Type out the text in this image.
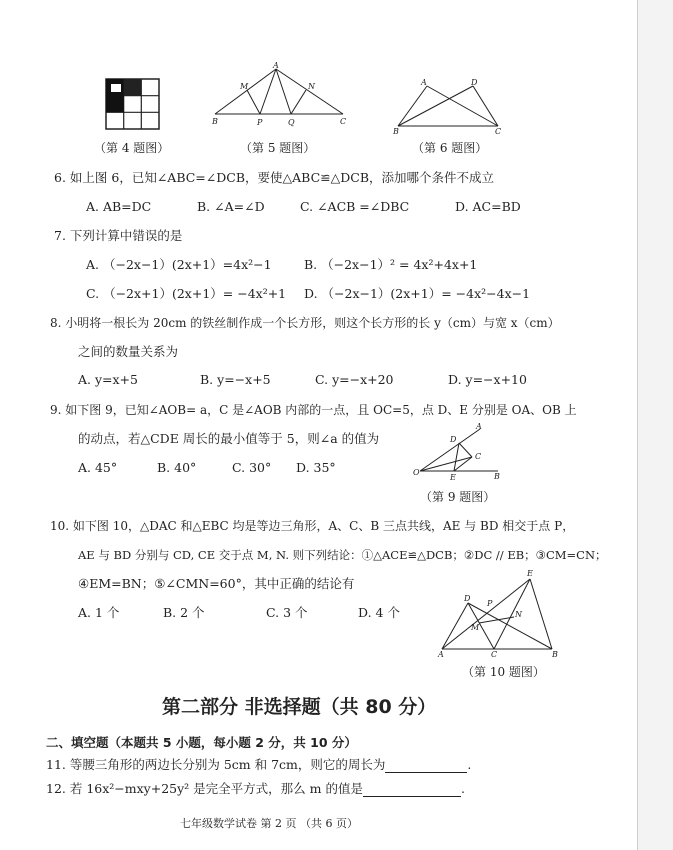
（第 4 题图）
A
M	N
B	P	Q	C
（第 5 题图）
A	D
B	C
（第 6 题图）
6. 如上图 6，已知∠ABC=∠DCB，要使△ABC≌△DCB，添加哪个条件不成立
A. AB=DC	B. ∠A=∠D	C. ∠ACB =∠DBC	D. AC=BD
7. 下列计算中错误的是
A. （−2x−1）(2x+1）=4x²−1	B. （−2x−1）² = 4x²+4x+1
C. （−2x+1）(2x+1）= −4x²+1 D. （−2x−1）(2x+1）= −4x²−4x−1
8. 小明将一根长为 20cm 的铁丝制作成一个长方形，则这个长方形的长 y（cm）与宽 x（cm）
之间的数量关系为
A. y=x+5	B. y=−x+5	C. y=−x+20	D. y=−x+10
9. 如下图 9，已知∠AOB= a，C 是∠AOB 内部的一点，且 OC=5，点 D、E 分别是 OA、OB 上
的动点，若△CDE 周长的最小值等于 5，则∠a 的值为
A. 45°	B. 40°	C. 30° D. 35°
A
D
C
O
E	B
（第 9 题图）
10. 如下图 10，△DAC 和△EBC 均是等边三角形，A、C、B 三点共线，AE 与 BD 相交于点 P，
AE 与 BD 分别与 CD, CE 交于点 M, N. 则下列结论：①△ACE≌△DCB；②DC // EB；③CM=CN；
④EM=BN；⑤∠CMN=60°，其中正确的结论有
A. 1 个	B. 2 个	C. 3 个	D. 4 个
E
D
P
N
M
A	C	B
（第 10 题图）
第二部分 非选择题（共 80 分）
二、填空题（本题共 5 小题，每小题 2 分，共 10 分）
11. 等腰三角形的两边长分别为 5cm 和 7cm，则它的周长为	.
12. 若 16x²−mxy+25y² 是完全平方式，那么 m 的值是	.
七年级数学试卷 第 2 页 （共 6 页）
